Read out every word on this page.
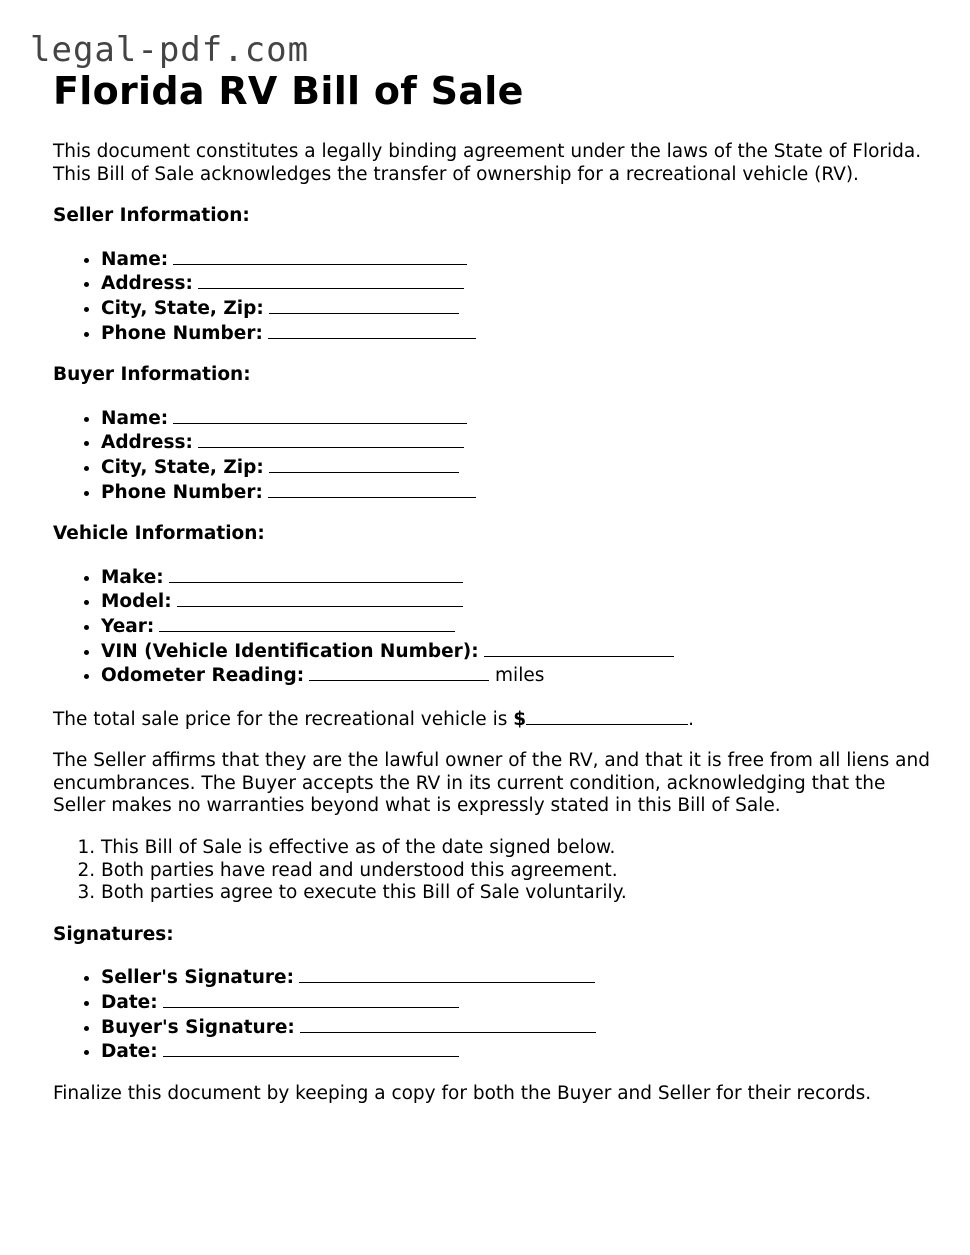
legal-pdf.com
Florida RV Bill of Sale

This document constitutes a legally binding agreement under the laws of the State of Florida. This Bill of Sale acknowledges the transfer of ownership for a recreational vehicle (RV).

Seller Information:

• Name:
• Address:
• City, State, Zip:
• Phone Number:

Buyer Information:

• Name:
• Address:
• City, State, Zip:
• Phone Number:

Vehicle Information:

• Make:
• Model:
• Year:
• VIN (Vehicle Identification Number):
• Odometer Reading:	miles

The total sale price for the recreational vehicle is $	.

The Seller affirms that they are the lawful owner of the RV, and that it is free from all liens and encumbrances. The Buyer accepts the RV in its current condition, acknowledging that the Seller makes no warranties beyond what is expressly stated in this Bill of Sale.

1. This Bill of Sale is effective as of the date signed below.
2. Both parties have read and understood this agreement.
3. Both parties agree to execute this Bill of Sale voluntarily.

Signatures:

• Seller's Signature:
• Date:
• Buyer's Signature:
• Date:

Finalize this document by keeping a copy for both the Buyer and Seller for their records.
